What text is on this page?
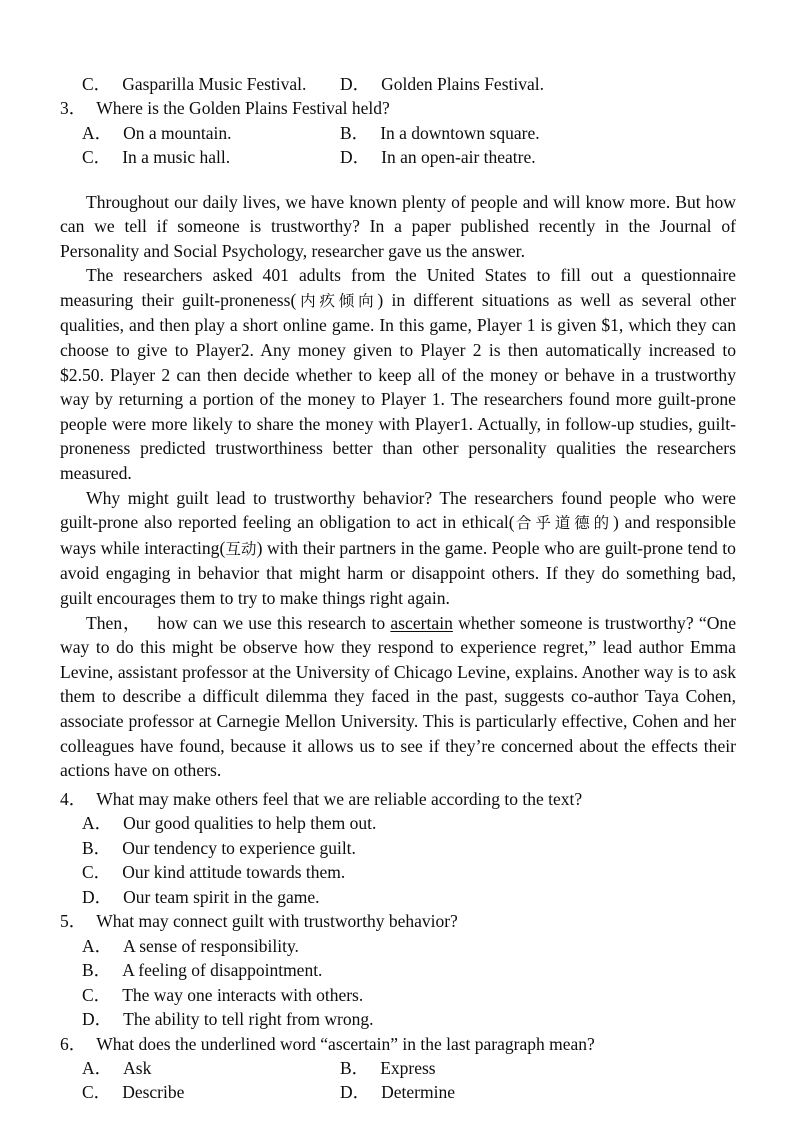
C． Gasparilla Music Festival. D． Golden Plains Festival.
3． Where is the Golden Plains Festival held?
A． On a mountain.	B． In a downtown square.
C． In a music hall.	D． In an open-air theatre.

Throughout our daily lives, we have known plenty of people and will know more. But how can we tell if someone is trustworthy? In a paper published recently in the Journal of Personality and Social Psychology, researcher gave us the answer.

The researchers asked 401 adults from the United States to fill out a questionnaire measuring their guilt-proneness(内疚倾向) in different situations as well as several other qualities, and then play a short online game. In this game, Player 1 is given $1, which they can choose to give to Player2. Any money given to Player 2 is then automatically increased to $2.50. Player 2 can then decide whether to keep all of the money or behave in a trustworthy way by returning a portion of the money to Player 1. The researchers found more guilt-prone people were more likely to share the money with Player1. Actually, in follow-up studies, guilt-proneness predicted trustworthiness better than other personality qualities the researchers measured.

Why might guilt lead to trustworthy behavior? The researchers found people who were guilt-prone also reported feeling an obligation to act in ethical(合乎道德的) and responsible ways while interacting(互动) with their partners in the game. People who are guilt-prone tend to avoid engaging in behavior that might harm or disappoint others. If they do something bad, guilt encourages them to try to make things right again.

Then， how can we use this research to ascertain whether someone is trustworthy? “One way to do this might be observe how they respond to experience regret,” lead author Emma Levine, assistant professor at the University of Chicago Levine, explains. Another way is to ask them to describe a difficult dilemma they faced in the past, suggests co-author Taya Cohen, associate professor at Carnegie Mellon University. This is particularly effective, Cohen and her colleagues have found, because it allows us to see if they’re concerned about the effects their actions have on others.

4． What may make others feel that we are reliable according to the text?
A． Our good qualities to help them out.
B． Our tendency to experience guilt.
C． Our kind attitude towards them.
D． Our team spirit in the game.
5． What may connect guilt with trustworthy behavior?
A． A sense of responsibility.
B． A feeling of disappointment.
C． The way one interacts with others.
D． The ability to tell right from wrong.
6． What does the underlined word “ascertain” in the last paragraph mean?
A． Ask	B． Express
C． Describe	D． Determine
